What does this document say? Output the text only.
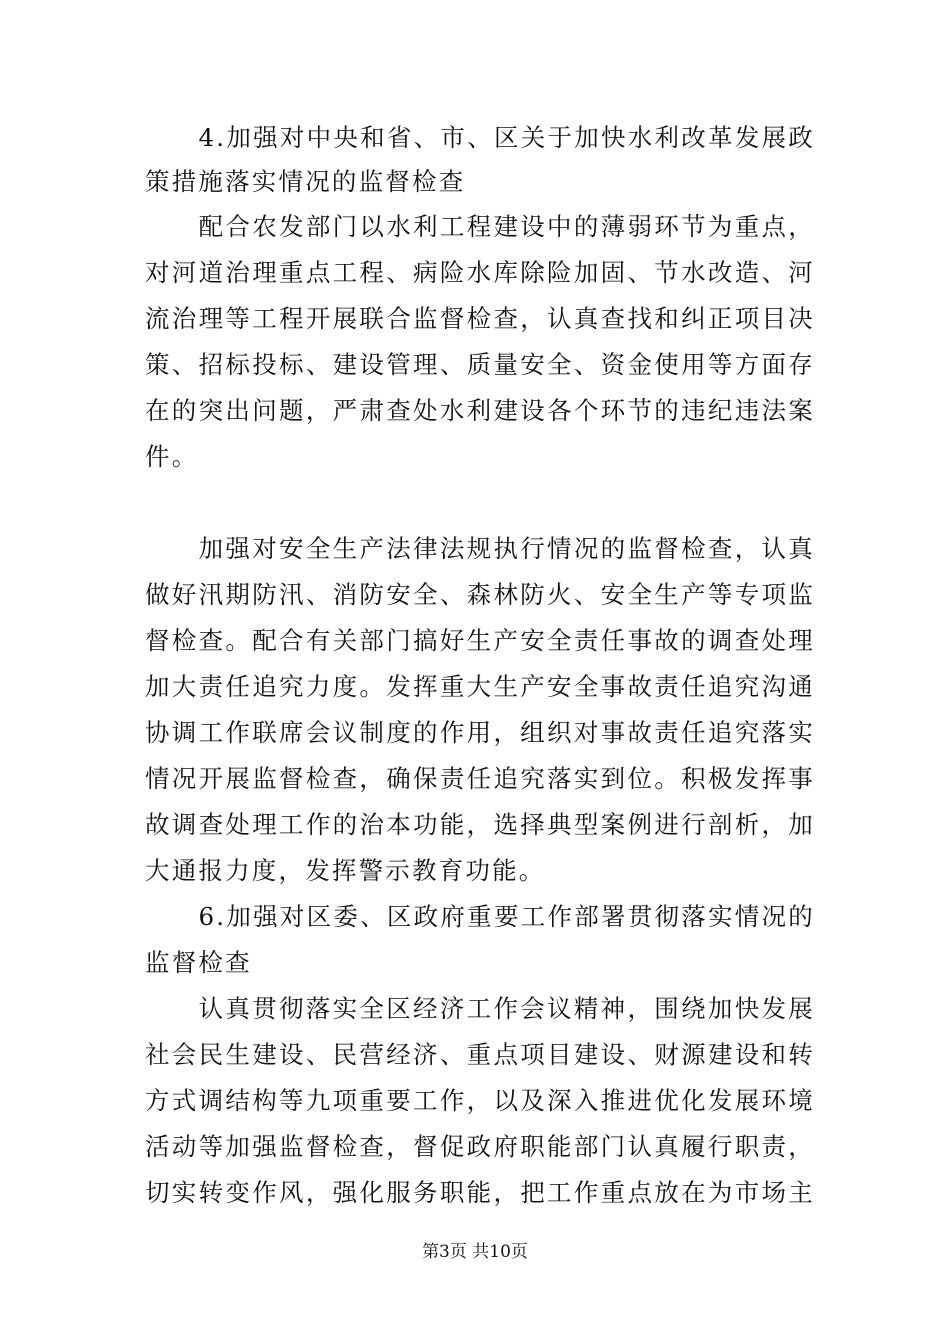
　　4.加强对中央和省、市、区关于加快水利改革发展政
策措施落实情况的监督检查
　　配合农发部门以水利工程建设中的薄弱环节为重点，
对河道治理重点工程、病险水库除险加固、节水改造、河
流治理等工程开展联合监督检查，认真查找和纠正项目决
策、招标投标、建设管理、质量安全、资金使用等方面存
在的突出问题，严肃查处水利建设各个环节的违纪违法案
件。
　　加强对安全生产法律法规执行情况的监督检查，认真
做好汛期防汛、消防安全、森林防火、安全生产等专项监
督检查。配合有关部门搞好生产安全责任事故的调查处理
加大责任追究力度。发挥重大生产安全事故责任追究沟通
协调工作联席会议制度的作用，组织对事故责任追究落实
情况开展监督检查，确保责任追究落实到位。积极发挥事
故调查处理工作的治本功能，选择典型案例进行剖析，加
大通报力度，发挥警示教育功能。
　　6.加强对区委、区政府重要工作部署贯彻落实情况的
监督检查
　　认真贯彻落实全区经济工作会议精神，围绕加快发展
社会民生建设、民营经济、重点项目建设、财源建设和转
方式调结构等九项重要工作，以及深入推进优化发展环境
活动等加强监督检查，督促政府职能部门认真履行职责，
切实转变作风，强化服务职能，把工作重点放在为市场主
第3页 共10页
